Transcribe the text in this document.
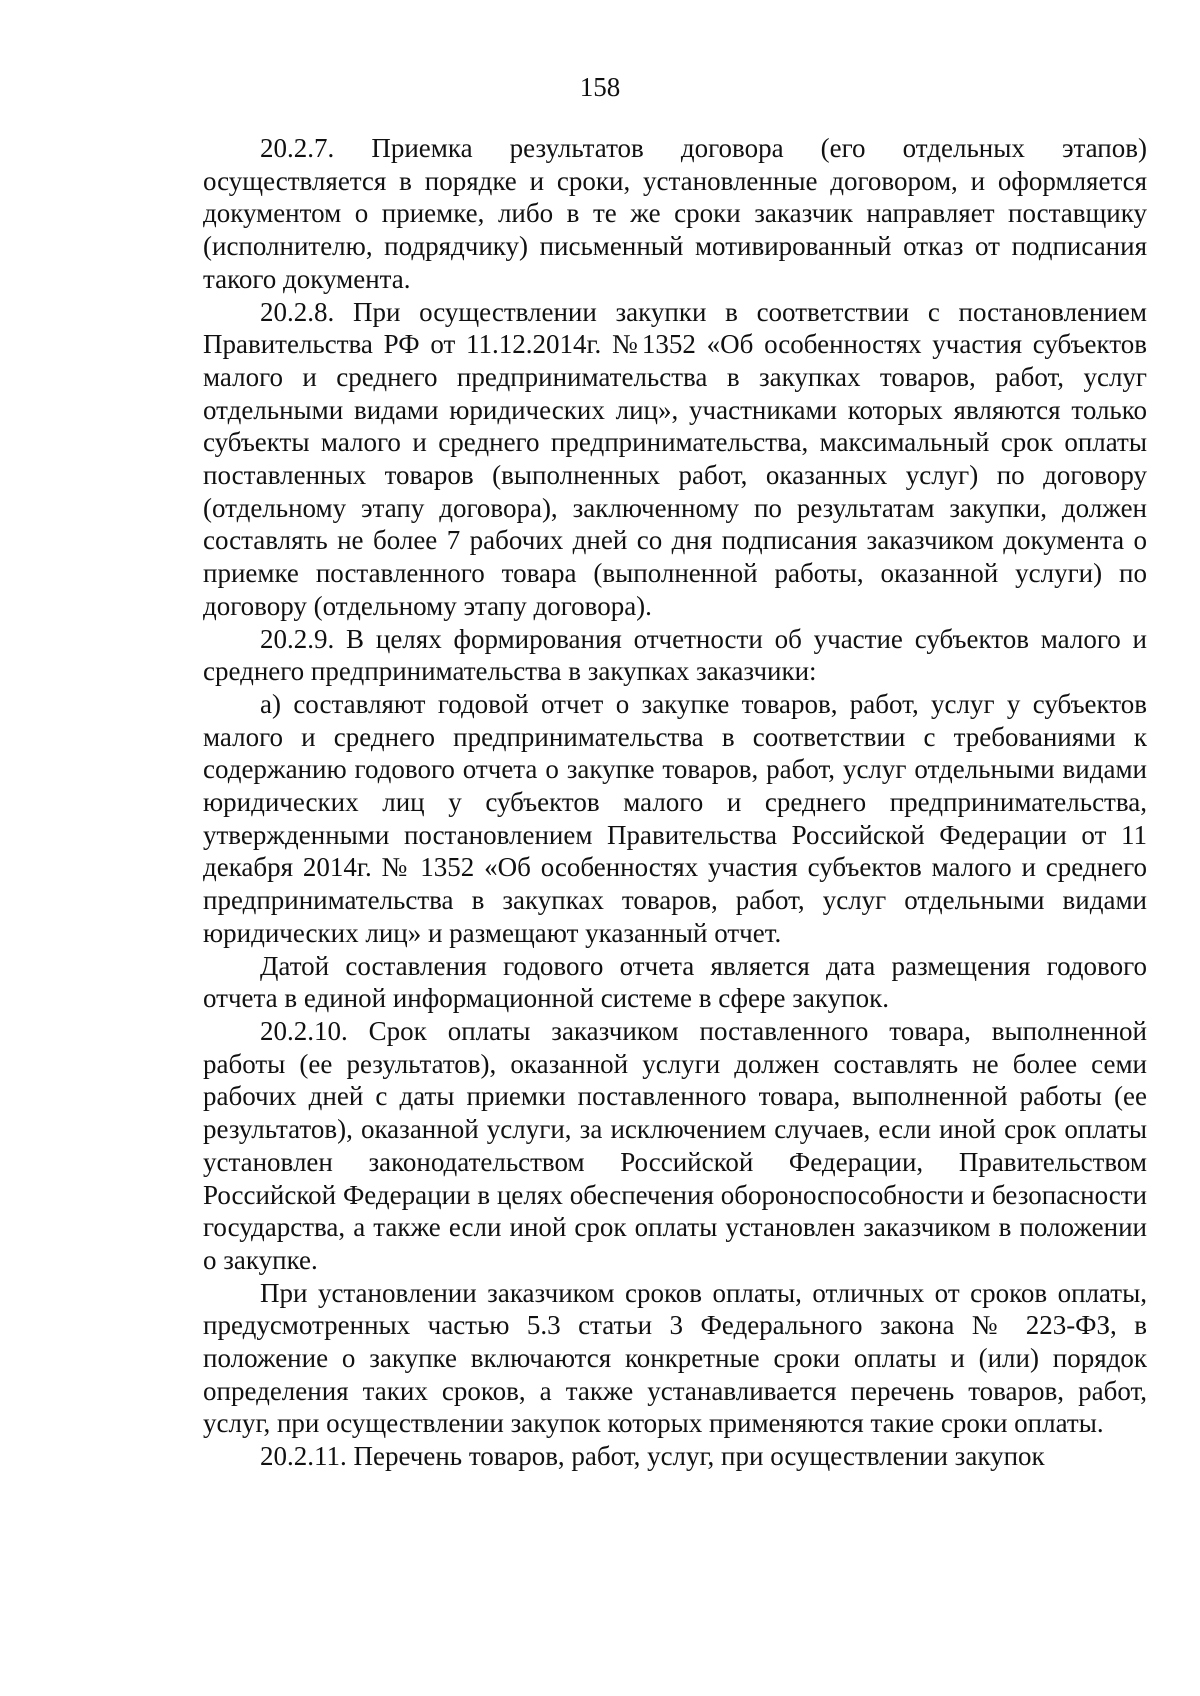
158

20.2.7. Приемка результатов договора (его отдельных этапов) осуществляется в порядке и сроки, установленные договором, и оформляется документом о приемке, либо в те же сроки заказчик направляет поставщику (исполнителю, подрядчику) письменный мотивированный отказ от подписания такого документа.

20.2.8. При осуществлении закупки в соответствии с постановлением Правительства РФ от 11.12.2014г. №1352 «Об особенностях участия субъектов малого и среднего предпринимательства в закупках товаров, работ, услуг отдельными видами юридических лиц», участниками которых являются только субъекты малого и среднего предпринимательства, максимальный срок оплаты поставленных товаров (выполненных работ, оказанных услуг) по договору (отдельному этапу договора), заключенному по результатам закупки, должен составлять не более 7 рабочих дней со дня подписания заказчиком документа о приемке поставленного товара (выполненной работы, оказанной услуги) по договору (отдельному этапу договора).

20.2.9. В целях формирования отчетности об участие субъектов малого и среднего предпринимательства в закупках заказчики:

а) составляют годовой отчет о закупке товаров, работ, услуг у субъектов малого и среднего предпринимательства в соответствии с требованиями к содержанию годового отчета о закупке товаров, работ, услуг отдельными видами юридических лиц у субъектов малого и среднего предпринимательства, утвержденными постановлением Правительства Российской Федерации от 11 декабря 2014г. № 1352 «Об особенностях участия субъектов малого и среднего предпринимательства в закупках товаров, работ, услуг отдельными видами юридических лиц» и размещают указанный отчет.

Датой составления годового отчета является дата размещения годового отчета в единой информационной системе в сфере закупок.

20.2.10. Срок оплаты заказчиком поставленного товара, выполненной работы (ее результатов), оказанной услуги должен составлять не более семи рабочих дней с даты приемки поставленного товара, выполненной работы (ее результатов), оказанной услуги, за исключением случаев, если иной срок оплаты установлен законодательством Российской Федерации, Правительством Российской Федерации в целях обеспечения обороноспособности и безопасности государства, а также если иной срок оплаты установлен заказчиком в положении о закупке.

При установлении заказчиком сроков оплаты, отличных от сроков оплаты, предусмотренных частью 5.3 статьи 3 Федерального закона № 223-ФЗ, в положение о закупке включаются конкретные сроки оплаты и (или) порядок определения таких сроков, а также устанавливается перечень товаров, работ, услуг, при осуществлении закупок которых применяются такие сроки оплаты.

20.2.11. Перечень товаров, работ, услуг, при осуществлении закупок
